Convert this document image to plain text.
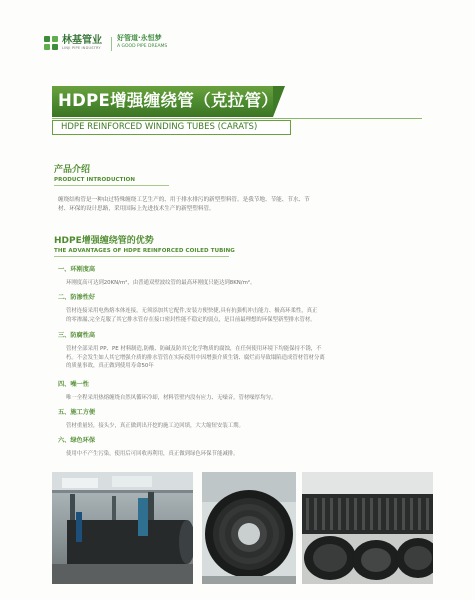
林基管业
LINJI PIPE INDUSTRY
好管道·永恒梦
A GOOD PIPE DREAMS
HDPE增强缠绕管（克拉管）
HDPE REINFORCED WINDING TUBES (CARATS)
产品介绍
PRODUCT INTRODUCTION
缠绕结构管是一种由过特殊缠绕工艺生产的、用于排水排污的新型塑料管。是我节地、节能、节水、节
材、环保的设计思路，采用国际上先进技术生产的新型塑料管。
HDPE增强缠绕管的优势
THE ADVANTAGES OF HDPE REINFORCED COILED TUBING
一、环刚度高
环刚度高可达到20KN/m²，由普通双壁波纹管的最高环刚度只能达到8KN/m²。
二、防渗性好
管材连接采用电热熔本体连接，无须添加其它配件,安装方便快捷,具有抗强机冲击能力、极高环柔性，真正
的零渗漏,完全克服了其它排水管存在接口密封性能不稳定的弱点，是目前最理想的环保型新型排水管材。
三、防腐性高
管材全部采用 PP、PE 材料制造,防酸、防碱及防其它化学物质的腐蚀，在任何使用环境下均能保持不锈，不
朽。不会发生如人其它增强介质的排水管管在实际使用中因增强介质生锈、腐烂而导致塌陷造成管材管材分离
的质量事故，真正做到使用寿命50年
四、噪一性
唯一全程采用热熔缠绕自然风循环冷却，材料管壁内没有应力、无噪音，管材噪厚均匀。
五、施工方便
管材重量轻，接头少，真正做到出开挖的施工边回填，大大缩短安装工期。
六、绿色环保
使用中不产生污染，使用后可回收再利用，真正做到绿色环保节能减排。
